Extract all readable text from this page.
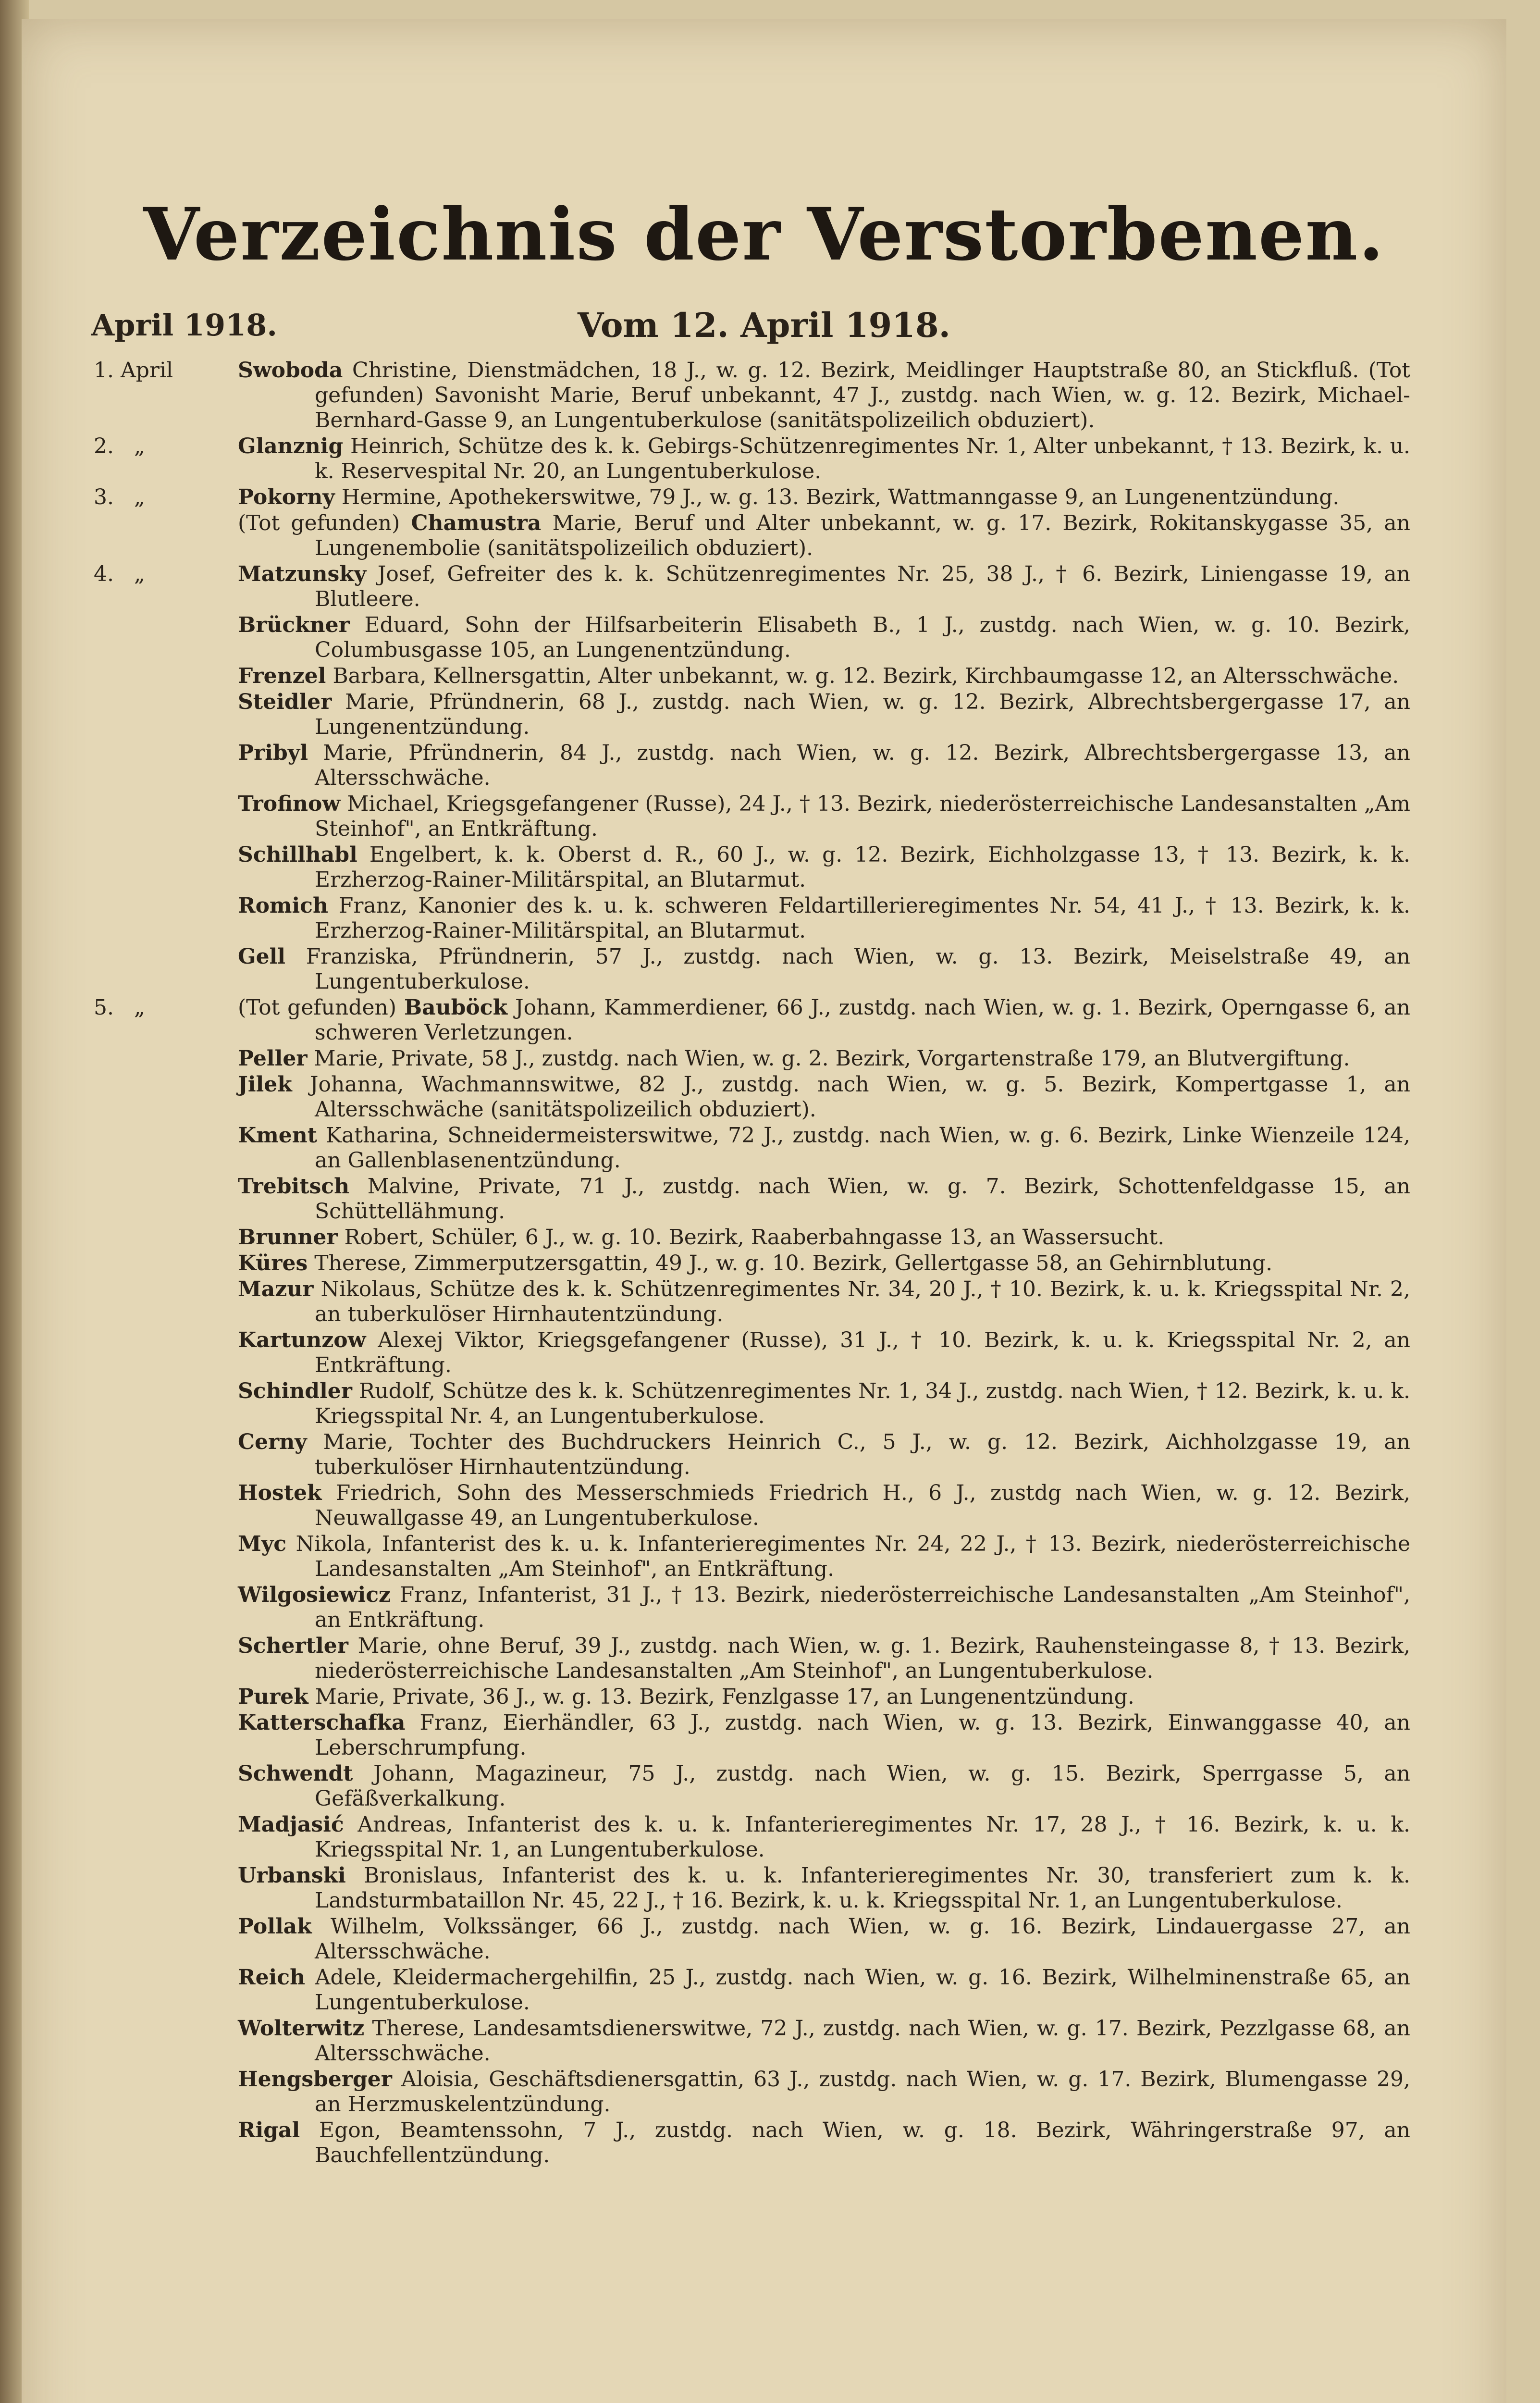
Verzeichnis der Verstorbenen.
April 1918.	Vom 12. April 1918.
1. April	Swoboda Christine, Dienstmädchen, 18 J., w. g. 12. Bezirk, Meidlinger Hauptstraße 80, an Stickfluß. (Tot gefunden) Savonisht Marie, Beruf unbekannt, 47 J., zustdg. nach Wien, w. g. 12. Bezirk, Michael-Bernhard-Gasse 9, an Lungentuberkulose (sanitätspolizeilich obduziert).
2.   „	Glanznig Heinrich, Schütze des k. k. Gebirgs-Schützenregimentes Nr. 1, Alter unbekannt, † 13. Bezirk, k. u. k. Reservespital Nr. 20, an Lungentuberkulose.
3.   „	Pokorny Hermine, Apothekerswitwe, 79 J., w. g. 13. Bezirk, Wattmanngasse 9, an Lungenentzündung.
(Tot gefunden) Chamustra Marie, Beruf und Alter unbekannt, w. g. 17. Bezirk, Rokitanskygasse 35, an Lungenembolie (sanitätspolizeilich obduziert).
4.   „	Matzunsky Josef, Gefreiter des k. k. Schützenregimentes Nr. 25, 38 J., † 6. Bezirk, Liniengasse 19, an Blutleere.
Brückner Eduard, Sohn der Hilfsarbeiterin Elisabeth B., 1 J., zustdg. nach Wien, w. g. 10. Bezirk, Columbusgasse 105, an Lungenentzündung.
Frenzel Barbara, Kellnersgattin, Alter unbekannt, w. g. 12. Bezirk, Kirchbaumgasse 12, an Altersschwäche.
Steidler Marie, Pfründnerin, 68 J., zustdg. nach Wien, w. g. 12. Bezirk, Albrechtsbergergasse 17, an Lungenentzündung.
Pribyl Marie, Pfründnerin, 84 J., zustdg. nach Wien, w. g. 12. Bezirk, Albrechtsbergergasse 13, an Altersschwäche.
Trofinow Michael, Kriegsgefangener (Russe), 24 J., † 13. Bezirk, niederösterreichische Landesanstalten „Am Steinhof", an Entkräftung.
Schillhabl Engelbert, k. k. Oberst d. R., 60 J., w. g. 12. Bezirk, Eichholzgasse 13, † 13. Bezirk, k. k. Erzherzog-Rainer-Militärspital, an Blutarmut.
Romich Franz, Kanonier des k. u. k. schweren Feldartillerieregimentes Nr. 54, 41 J., † 13. Bezirk, k. k. Erzherzog-Rainer-Militärspital, an Blutarmut.
Gell Franziska, Pfründnerin, 57 J., zustdg. nach Wien, w. g. 13. Bezirk, Meiselstraße 49, an Lungentuberkulose.
5.   „	(Tot gefunden) Bauböck Johann, Kammerdiener, 66 J., zustdg. nach Wien, w. g. 1. Bezirk, Operngasse 6, an schweren Verletzungen.
Peller Marie, Private, 58 J., zustdg. nach Wien, w. g. 2. Bezirk, Vorgartenstraße 179, an Blutvergiftung.
Jilek Johanna, Wachmannswitwe, 82 J., zustdg. nach Wien, w. g. 5. Bezirk, Kompertgasse 1, an Altersschwäche (sanitätspolizeilich obduziert).
Kment Katharina, Schneidermeisterswitwe, 72 J., zustdg. nach Wien, w. g. 6. Bezirk, Linke Wienzeile 124, an Gallenblasenentzündung.
Trebitsch Malvine, Private, 71 J., zustdg. nach Wien, w. g. 7. Bezirk, Schottenfeldgasse 15, an Schüttellähmung.
Brunner Robert, Schüler, 6 J., w. g. 10. Bezirk, Raaberbahngasse 13, an Wassersucht.
Küres Therese, Zimmerputzersgattin, 49 J., w. g. 10. Bezirk, Gellertgasse 58, an Gehirnblutung.
Mazur Nikolaus, Schütze des k. k. Schützenregimentes Nr. 34, 20 J., † 10. Bezirk, k. u. k. Kriegsspital Nr. 2, an tuberkulöser Hirnhautentzündung.
Kartunzow Alexej Viktor, Kriegsgefangener (Russe), 31 J., † 10. Bezirk, k. u. k. Kriegsspital Nr. 2, an Entkräftung.
Schindler Rudolf, Schütze des k. k. Schützenregimentes Nr. 1, 34 J., zustdg. nach Wien, † 12. Bezirk, k. u. k. Kriegsspital Nr. 4, an Lungentuberkulose.
Cerny Marie, Tochter des Buchdruckers Heinrich C., 5 J., w. g. 12. Bezirk, Aichholzgasse 19, an tuberkulöser Hirnhautentzündung.
Hostek Friedrich, Sohn des Messerschmieds Friedrich H., 6 J., zustdg nach Wien, w. g. 12. Bezirk, Neuwallgasse 49, an Lungentuberkulose.
Myc Nikola, Infanterist des k. u. k. Infanterieregimentes Nr. 24, 22 J., † 13. Bezirk, niederösterreichische Landesanstalten „Am Steinhof", an Entkräftung.
Wilgosiewicz Franz, Infanterist, 31 J., † 13. Bezirk, niederösterreichische Landesanstalten „Am Steinhof", an Entkräftung.
Schertler Marie, ohne Beruf, 39 J., zustdg. nach Wien, w. g. 1. Bezirk, Rauhensteingasse 8, † 13. Bezirk, niederösterreichische Landesanstalten „Am Steinhof", an Lungentuberkulose.
Purek Marie, Private, 36 J., w. g. 13. Bezirk, Fenzlgasse 17, an Lungenentzündung.
Katterschafka Franz, Eierhändler, 63 J., zustdg. nach Wien, w. g. 13. Bezirk, Einwanggasse 40, an Leberschrumpfung.
Schwendt Johann, Magazineur, 75 J., zustdg. nach Wien, w. g. 15. Bezirk, Sperrgasse 5, an Gefäßverkalkung.
Madjasić Andreas, Infanterist des k. u. k. Infanterieregimentes Nr. 17, 28 J., † 16. Bezirk, k. u. k. Kriegsspital Nr. 1, an Lungentuberkulose.
Urbanski Bronislaus, Infanterist des k. u. k. Infanterieregimentes Nr. 30, transferiert zum k. k. Landsturmbataillon Nr. 45, 22 J., † 16. Bezirk, k. u. k. Kriegsspital Nr. 1, an Lungentuberkulose.
Pollak Wilhelm, Volkssänger, 66 J., zustdg. nach Wien, w. g. 16. Bezirk, Lindauergasse 27, an Altersschwäche.
Reich Adele, Kleidermachergehilfin, 25 J., zustdg. nach Wien, w. g. 16. Bezirk, Wilhelminenstraße 65, an Lungentuberkulose.
Wolterwitz Therese, Landesamtsdienerswitwe, 72 J., zustdg. nach Wien, w. g. 17. Bezirk, Pezzlgasse 68, an Altersschwäche.
Hengsberger Aloisia, Geschäftsdienersgattin, 63 J., zustdg. nach Wien, w. g. 17. Bezirk, Blumengasse 29, an Herzmuskelentzündung.
Rigal Egon, Beamtenssohn, 7 J., zustdg. nach Wien, w. g. 18. Bezirk, Währingerstraße 97, an Bauchfellentzündung.
